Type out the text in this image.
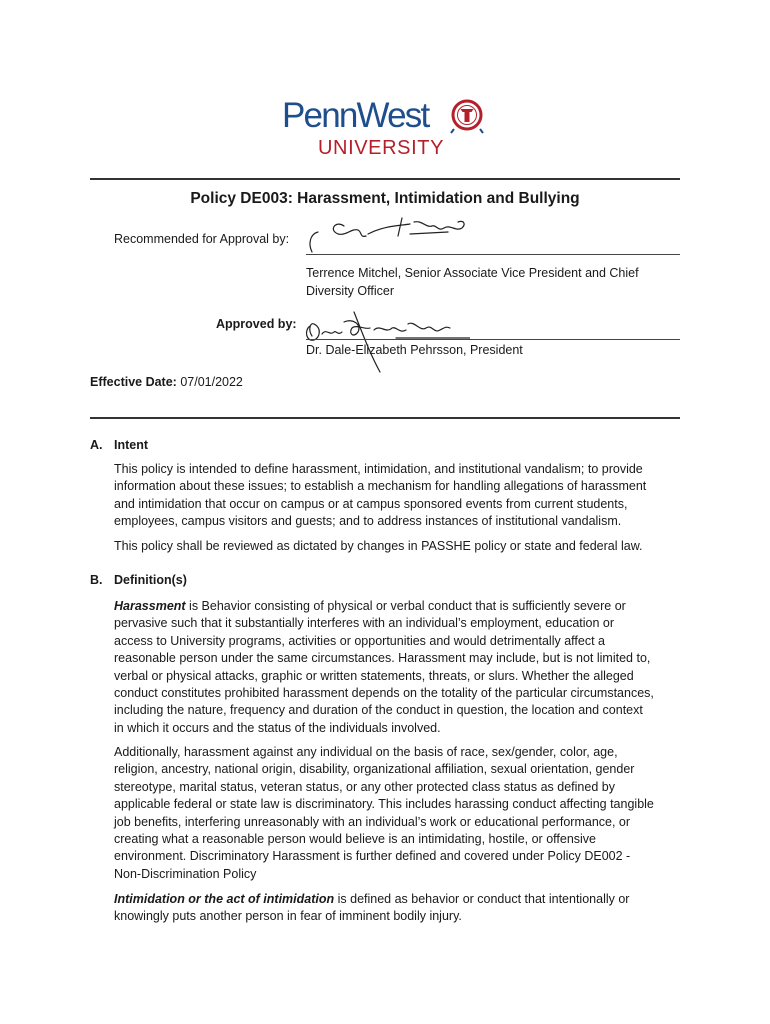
PennWest
UNIVERSITY
Policy DE003: Harassment, Intimidation and Bullying
Recommended for Approval by:
Terrence Mitchel, Senior Associate Vice President and Chief
Diversity Officer
Approved by:
Dr. Dale-Elizabeth Pehrsson, President
Effective Date: 07/01/2022
A. Intent

This policy is intended to define harassment, intimidation, and institutional vandalism; to provide information about these issues; to establish a mechanism for handling allegations of harassment and intimidation that occur on campus or at campus sponsored events from current students, employees, campus visitors and guests; and to address instances of institutional vandalism.

This policy shall be reviewed as dictated by changes in PASSHE policy or state and federal law.

B. Definition(s)

Harassment is Behavior consisting of physical or verbal conduct that is sufficiently severe or pervasive such that it substantially interferes with an individual’s employment, education or access to University programs, activities or opportunities and would detrimentally affect a reasonable person under the same circumstances. Harassment may include, but is not limited to, verbal or physical attacks, graphic or written statements, threats, or slurs. Whether the alleged conduct constitutes prohibited harassment depends on the totality of the particular circumstances, including the nature, frequency and duration of the conduct in question, the location and context in which it occurs and the status of the individuals involved.

Additionally, harassment against any individual on the basis of race, sex/gender, color, age, religion, ancestry, national origin, disability, organizational affiliation, sexual orientation, gender stereotype, marital status, veteran status, or any other protected class status as defined by applicable federal or state law is discriminatory. This includes harassing conduct affecting tangible job benefits, interfering unreasonably with an individual’s work or educational performance, or creating what a reasonable person would believe is an intimidating, hostile, or offensive environment. Discriminatory Harassment is further defined and covered under Policy DE002 - Non-Discrimination Policy

Intimidation or the act of intimidation is defined as behavior or conduct that intentionally or knowingly puts another person in fear of imminent bodily injury.
